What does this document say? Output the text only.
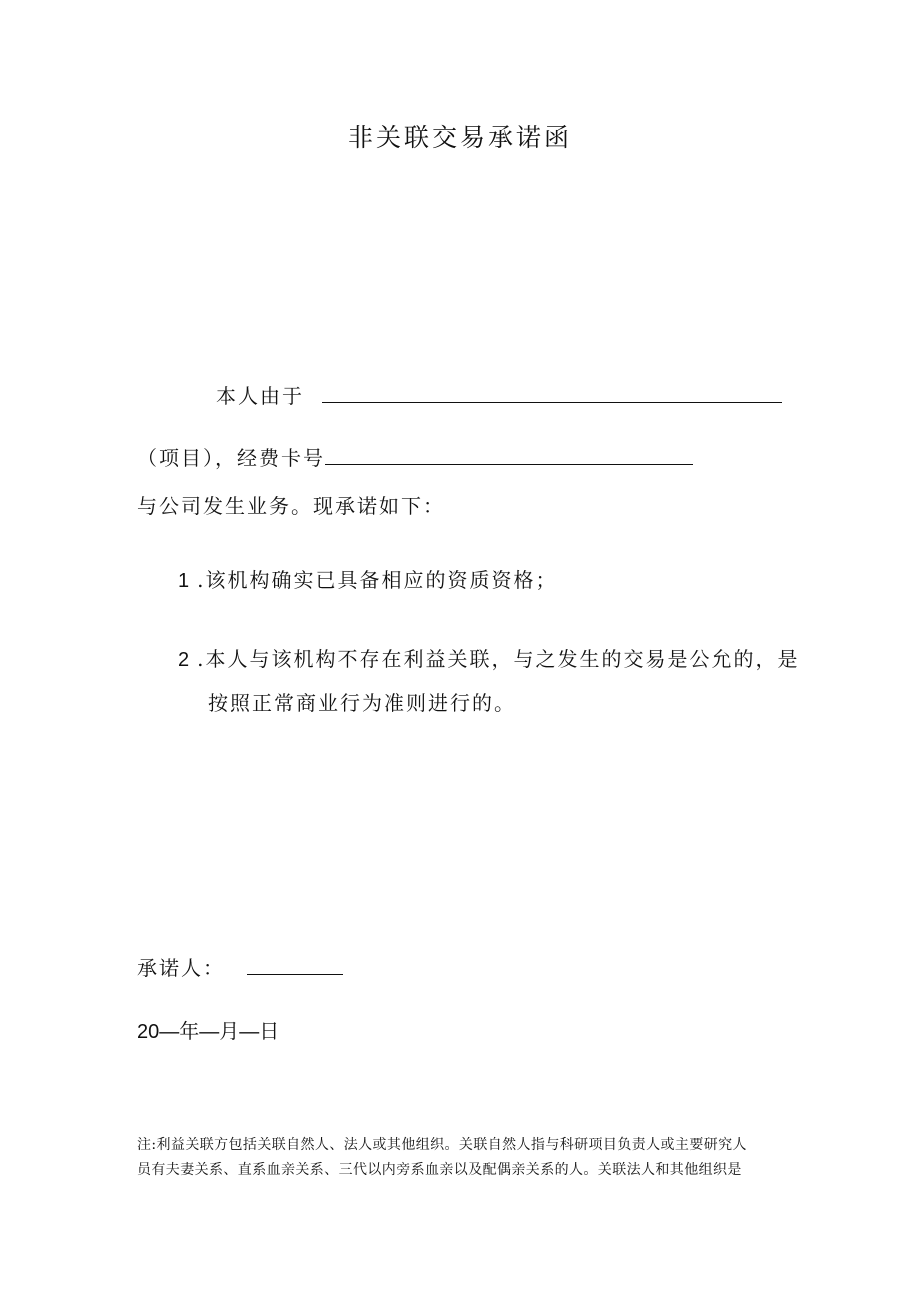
非关联交易承诺函
本人由于
（项目），经费卡号
与公司发生业务。现承诺如下：
1 .该机构确实已具备相应的资质资格；
2 .本人与该机构不存在利益关联，与之发生的交易是公允的，是
按照正常商业行为准则进行的。
承诺人：
20—年—月—日
注:利益关联方包括关联自然人、法人或其他组织。关联自然人指与科研项目负责人或主要研究人
员有夫妻关系、直系血亲关系、三代以内旁系血亲以及配偶亲关系的人。关联法人和其他组织是
